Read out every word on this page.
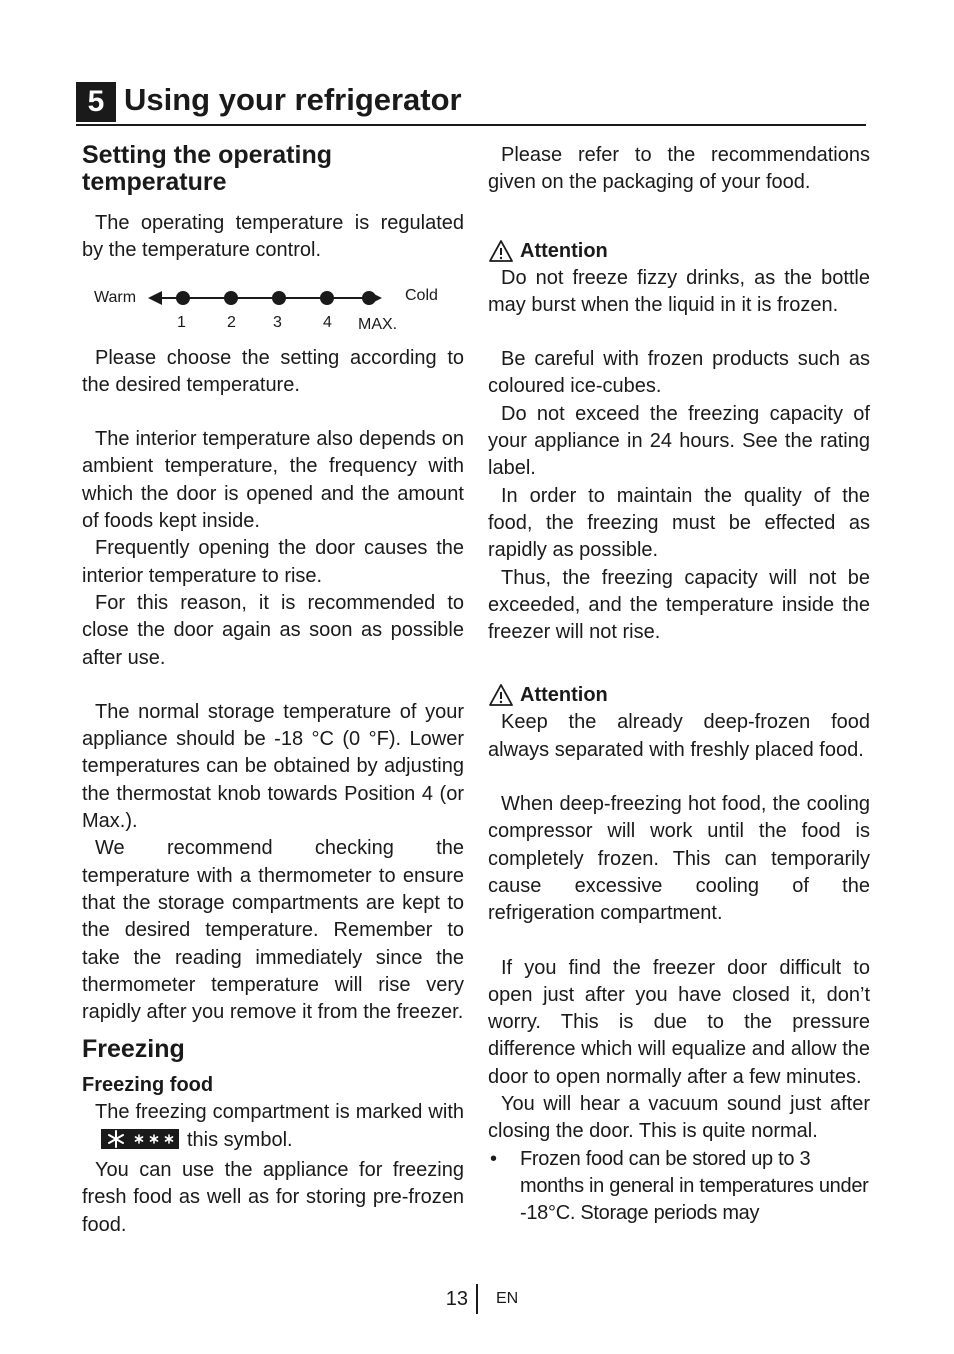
5 Using your refrigerator
Setting the operating temperature

The operating temperature is regulated by the temperature control.

Warm	Cold
1	2 3	4 MAX.

Please choose the setting according to the desired temperature.

The interior temperature also depends on ambient temperature, the frequency with which the door is opened and the amount of foods kept inside.

Frequently opening the door causes the interior temperature to rise.

For this reason, it is recommended to close the door again as soon as possible after use.

The normal storage temperature of your appliance should be -18 °C (0 °F). Lower temperatures can be obtained by adjusting the thermostat knob towards Position 4 (or Max.).

We recommend checking the temperature with a thermometer to ensure that the storage compartments are kept to the desired temperature. Remember to take the reading immediately since the thermometer temperature will rise very rapidly after you remove it from the freezer.

Freezing
Freezing food

The freezing compartment is marked withthis symbol.

You can use the appliance for freezing fresh food as well as for storing pre-frozen food.

Please refer to the recommendations given on the packaging of your food.

Attention

Do not freeze fizzy drinks, as the bottle may burst when the liquid in it is frozen.

Be careful with frozen products such as coloured ice-cubes.

Do not exceed the freezing capacity of your appliance in 24 hours. See the rating label.

In order to maintain the quality of the food, the freezing must be effected as rapidly as possible.

Thus, the freezing capacity will not be exceeded, and the temperature inside the freezer will not rise.

Attention

Keep the already deep-frozen food always separated with freshly placed food.

When deep-freezing hot food, the cooling compressor will work until the food is completely frozen. This can temporarily cause excessive cooling of the refrigeration compartment.

If you find the freezer door difficult to open just after you have closed it, don’t worry. This is due to the pressure difference which will equalize and allow the door to open normally after a few minutes.

You will hear a vacuum sound just after closing the door. This is quite normal.

• Frozen food can be stored up to 3 months in general in temperatures under -18°C. Storage periods may

13 EN
